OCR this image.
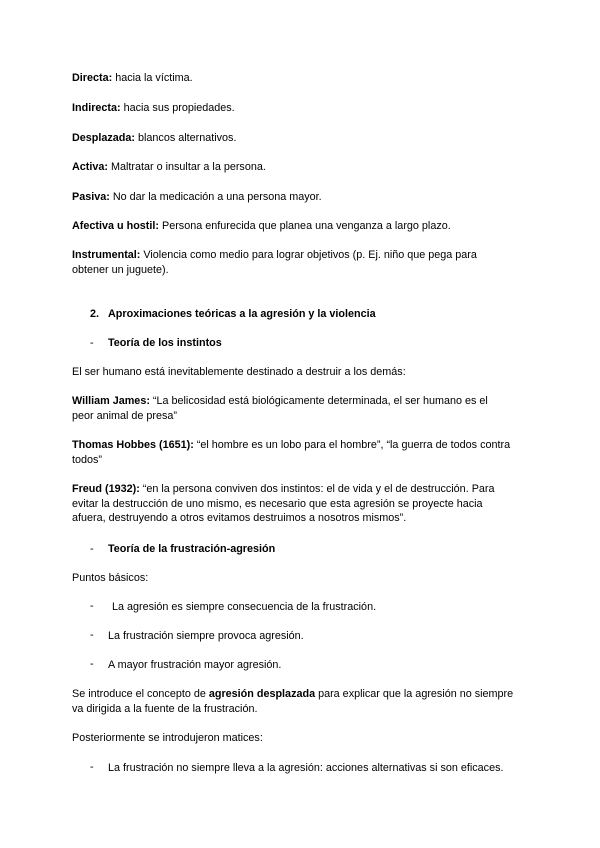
Directa: hacia la víctima.
Indirecta: hacia sus propiedades.
Desplazada: blancos alternativos.
Activa: Maltratar o insultar a la persona.
Pasiva: No dar la medicación a una persona mayor.
Afectiva u hostil: Persona enfurecida que planea una venganza a largo plazo.
Instrumental: Violencia como medio para lograr objetivos (p. Ej. niño que pega para obtener un juguete).
2. Aproximaciones teóricas a la agresión y la violencia
- Teoría de los instintos
El ser humano está inevitablemente destinado a destruir a los demás:
William James: “La belicosidad está biológicamente determinada, el ser humano es el peor animal de presa”
Thomas Hobbes (1651): “el hombre es un lobo para el hombre”, “la guerra de todos contra todos”
Freud (1932): “en la persona conviven dos instintos: el de vida y el de destrucción. Para evitar la destrucción de uno mismo, es necesario que esta agresión se proyecte hacia afuera, destruyendo a otros evitamos destruimos a nosotros mismos”.
- Teoría de la frustración-agresión
Puntos básicos:
- La agresión es siempre consecuencia de la frustración.
- La frustración siempre provoca agresión.
- A mayor frustración mayor agresión.
Se introduce el concepto de agresión desplazada para explicar que la agresión no siempre va dirigida a la fuente de la frustración.
Posteriormente se introdujeron matices:
- La frustración no siempre lleva a la agresión: acciones alternativas si son eficaces.
